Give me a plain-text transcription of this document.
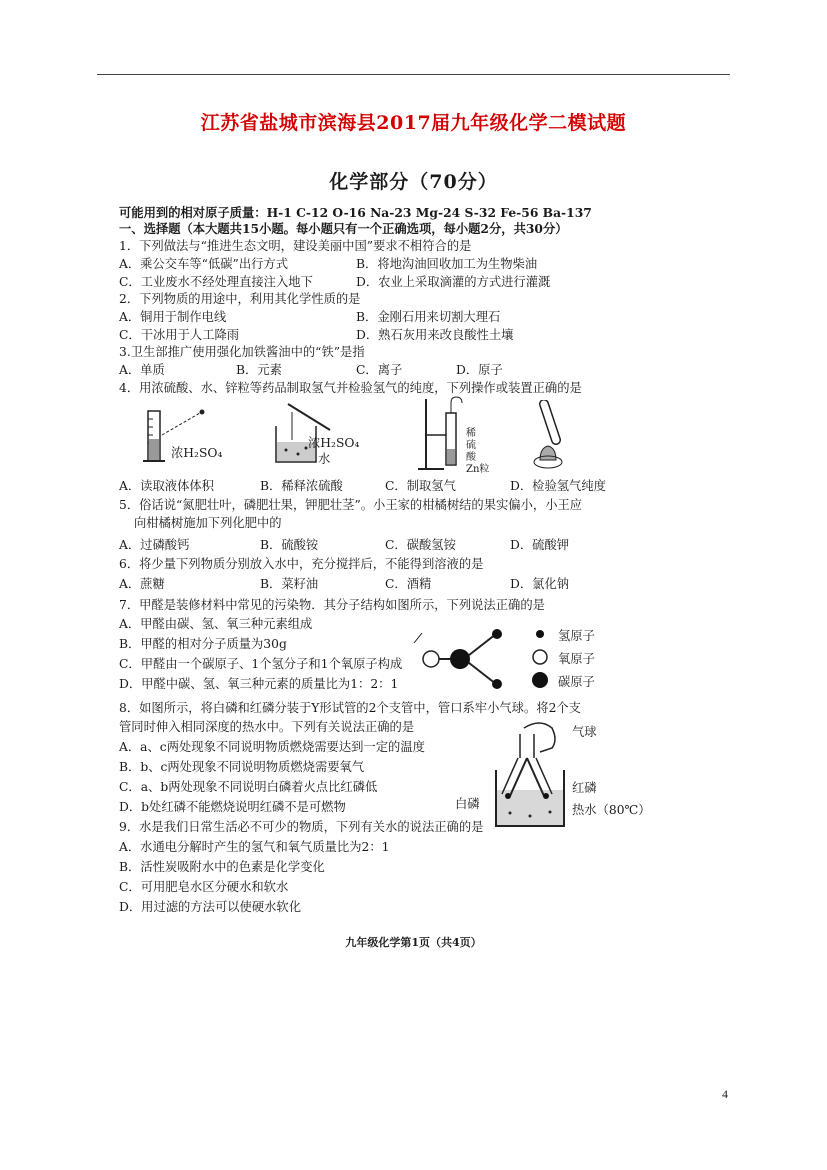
江苏省盐城市滨海县2017届九年级化学二模试题
化学部分（70分）
可能用到的相对原子质量：H-1 C-12 O-16 Na-23 Mg-24 S-32 Fe-56 Ba-137
一、选择题（本大题共15小题。每小题只有一个正确选项，每小题2分，共30分）
1．下列做法与“推进生态文明，建设美丽中国”要求不相符合的是
A．乘公交车等“低碳”出行方式	B．将地沟油回收加工为生物柴油
C．工业废水不经处理直接注入地下	D．农业上采取滴灌的方式进行灌溉
2．下列物质的用途中，利用其化学性质的是
A．铜用于制作电线	B．金刚石用来切割大理石
C．干冰用于人工降雨	D．熟石灰用来改良酸性土壤
3.卫生部推广使用强化加铁酱油中的“铁”是指
A．单质	B．元素	C．离子	D．原子
4．用浓硫酸、水、锌粒等药品制取氢气并检验氢气的纯度，下列操作或装置正确的是
浓H₂SO₄
浓H₂SO₄
水
稀
硫
酸
Zn粒
A．读取液体体积	B．稀释浓硫酸	C．制取氢气	D．检验氢气纯度
5．俗话说“氮肥壮叶，磷肥壮果，钾肥壮茎”。小王家的柑橘树结的果实偏小，小王应
向柑橘树施加下列化肥中的
A．过磷酸钙	B．硫酸铵	C．碳酸氢铵	D．硫酸钾
6．将少量下列物质分别放入水中，充分搅拌后，不能得到溶液的是
A．蔗糖	B．菜籽油	C．酒精	D．氯化钠
7．甲醛是装修材料中常见的污染物．其分子结构如图所示，下列说法正确的是
A．甲醛由碳、氢、氧三种元素组成
B．甲醛的相对分子质量为30g
C．甲醛由一个碳原子、1个氢分子和1个氧原子构成
D．甲醛中碳、氢、氧三种元素的质量比为1：2：1
氢原子
氧原子
碳原子
8．如图所示，将白磷和红磷分装于Y形试管的2个支管中，管口系牢小气球。将2个支
管同时伸入相同深度的热水中。下列有关说法正确的是
A．a、c两处现象不同说明物质燃烧需要达到一定的温度
B．b、c两处现象不同说明物质燃烧需要氧气
C．a、b两处现象不同说明白磷着火点比红磷低
D．b处红磷不能燃烧说明红磷不是可燃物
气球
红磷
白磷	热水（80℃）
9．水是我们日常生活必不可少的物质，下列有关水的说法正确的是
A．水通电分解时产生的氢气和氧气质量比为2：1
B．活性炭吸附水中的色素是化学变化
C．可用肥皂水区分硬水和软水
D．用过滤的方法可以使硬水软化
九年级化学第1页（共4页）
4
